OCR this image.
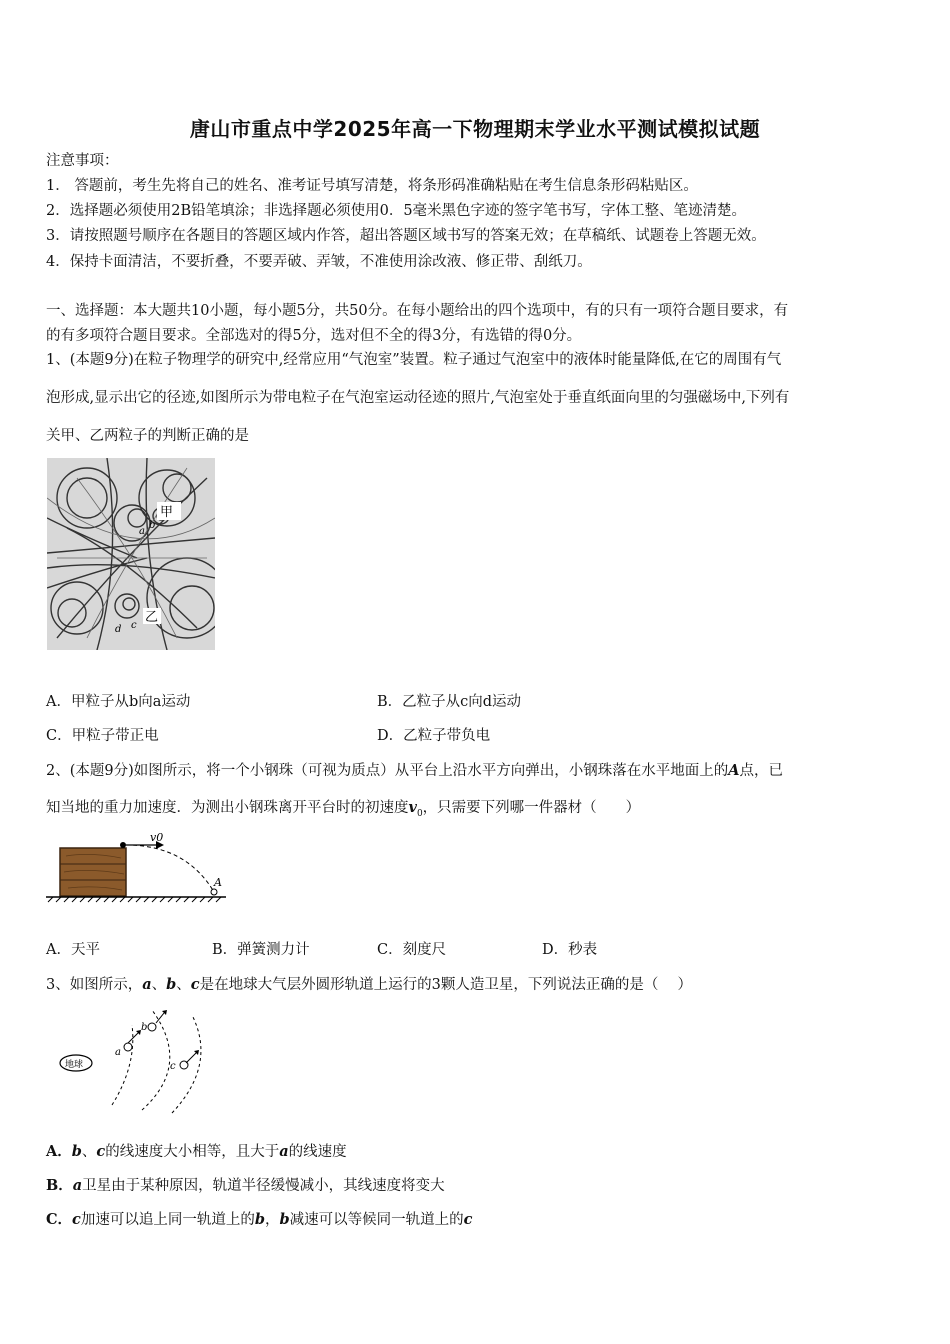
唐山市重点中学2025年高一下物理期末学业水平测试模拟试题
注意事项：
1． 答题前，考生先将自己的姓名、准考证号填写清楚，将条形码准确粘贴在考生信息条形码粘贴区。
2．选择题必须使用2B铅笔填涂；非选择题必须使用0．5毫米黑色字迹的签字笔书写，字体工整、笔迹清楚。
3．请按照题号顺序在各题目的答题区域内作答，超出答题区域书写的答案无效；在草稿纸、试题卷上答题无效。
4．保持卡面清洁，不要折叠，不要弄破、弄皱，不准使用涂改液、修正带、刮纸刀。
一、选择题：本大题共10小题，每小题5分，共50分。在每小题给出的四个选项中，有的只有一项符合题目要求，有
的有多项符合题目要求。全部选对的得5分，选对但不全的得3分，有选错的得0分。
1、(本题9分)在粒子物理学的研究中,经常应用“气泡室”装置。粒子通过气泡室中的液体时能量降低,在它的周围有气
泡形成,显示出它的径迹,如图所示为带电粒子在气泡室运动径迹的照片,气泡室处于垂直纸面向里的匀强磁场中,下列有
关甲、乙两粒子的判断正确的是
甲
a
b
乙
d c
A．甲粒子从b向a运动	B．乙粒子从c向d运动
C．甲粒子带正电	D．乙粒子带负电
2、(本题9分)如图所示，将一个小钢珠（可视为质点）从平台上沿水平方向弹出，小钢珠落在水平地面上的A点，已
知当地的重力加速度．为测出小钢珠离开平台时的初速度$v_0$，只需要下列哪一件器材（　　）
v0
A
A．天平	B．弹簧测力计	C．刻度尺	D．秒表
3、如图所示，a、b、c是在地球大气层外圆形轨道上运行的3颗人造卫星，下列说法正确的是（　 ）
地球
a
b
c
A．b、c的线速度大小相等，且大于a的线速度
B．a卫星由于某种原因，轨道半径缓慢减小，其线速度将变大
C．c加速可以追上同一轨道上的b，b减速可以等候同一轨道上的c
